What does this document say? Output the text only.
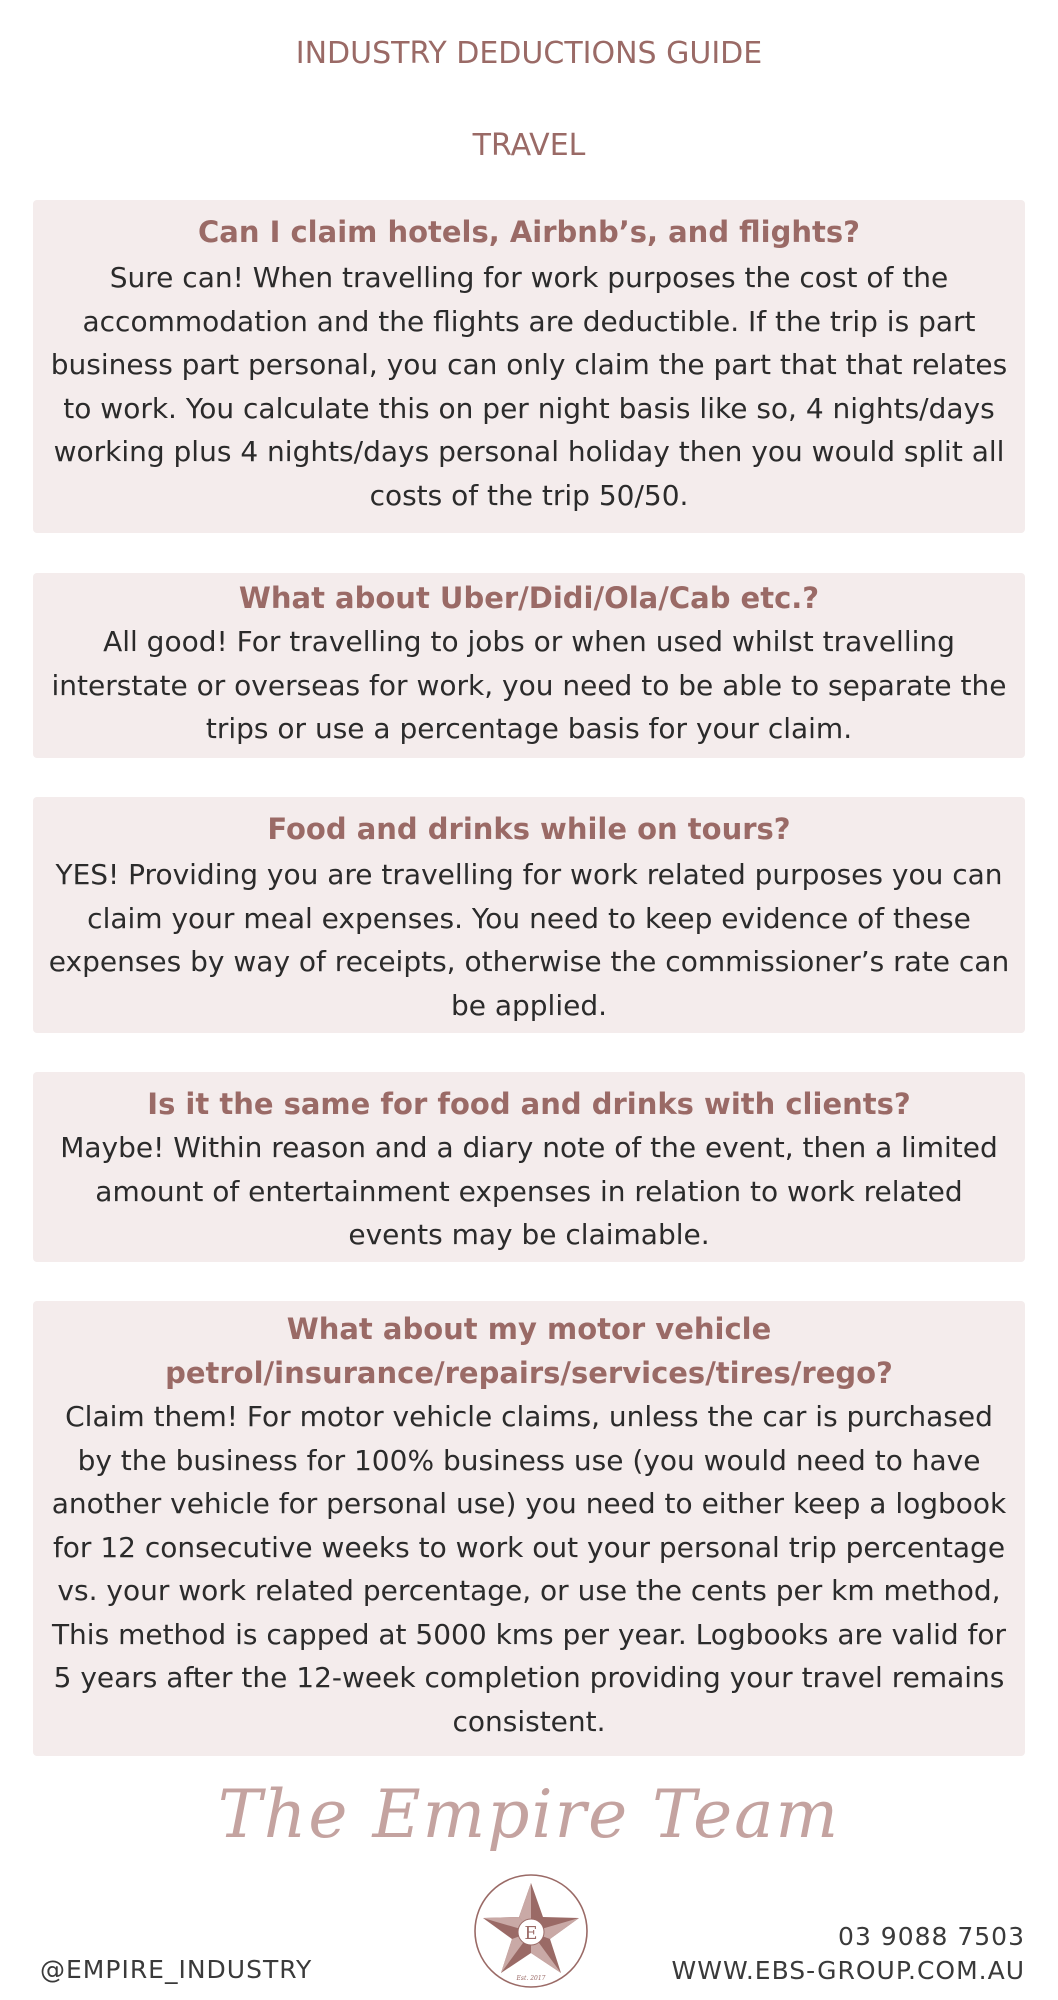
INDUSTRY DEDUCTIONS GUIDE
TRAVEL
Can I claim hotels, Airbnb’s, and flights?

Sure can! When travelling for work purposes the cost of the accommodation and the flights are deductible. If the trip is part business part personal, you can only claim the part that that relates to work. You calculate this on per night basis like so, 4 nights/days working plus 4 nights/days personal holiday then you would split all costs of the trip 50/50.

What about Uber/Didi/Ola/Cab etc.?

All good! For travelling to jobs or when used whilst travelling interstate or overseas for work, you need to be able to separate the trips or use a percentage basis for your claim.

Food and drinks while on tours?

YES! Providing you are travelling for work related purposes you can claim your meal expenses. You need to keep evidence of these expenses by way of receipts, otherwise the commissioner’s rate can be applied.

Is it the same for food and drinks with clients?

Maybe! Within reason and a diary note of the event, then a limited amount of entertainment expenses in relation to work related events may be claimable.

What about my motor vehicle petrol/insurance/repairs/services/tires/rego?

Claim them! For motor vehicle claims, unless the car is purchased by the business for 100% business use (you would need to have another vehicle for personal use) you need to either keep a logbook for 12 consecutive weeks to work out your personal trip percentage vs. your work related percentage, or use the cents per km method, This method is capped at 5000 kms per year. Logbooks are valid for 5 years after the 12-week completion providing your travel remains consistent.

The Empire Team
E
Est. 2017
@EMPIRE_INDUSTRY
03 9088 7503
WWW.EBS-GROUP.COM.AU
